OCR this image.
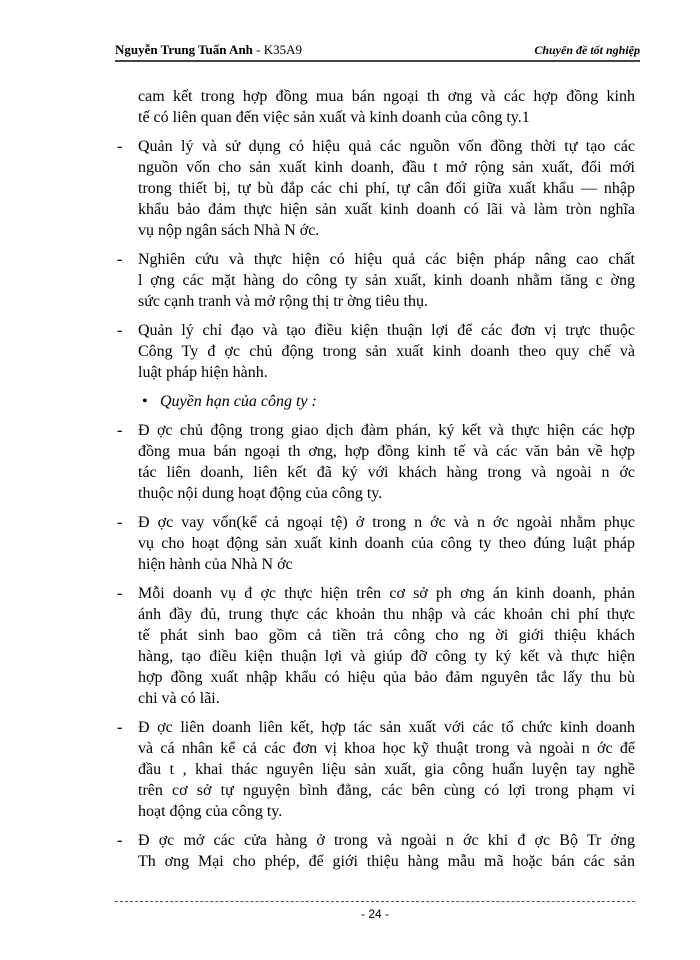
Nguyễn Trung Tuấn Anh - K35A9	Chuyên đề tốt nghiệp
cam kết trong hợp đồng mua bán ngoại th ơng và các hợp đồng kinh
tế có liên quan đến việc sản xuất và kinh doanh của công ty.1
- Quản lý và sử dụng có hiệu quả các nguồn vốn đồng thời tự tạo các
nguồn vốn cho sản xuất kinh doanh, đầu t mở rộng sản xuất, đổi mới
trong thiết bị, tự bù đắp các chi phí, tự cân đối giữa xuất khẩu — nhập
khẩu bảo đảm thực hiện sản xuất kinh doanh có lãi và làm tròn nghĩa
vụ nộp ngân sách Nhà N ớc.
- Nghiên cứu và thực hiện có hiệu quả các biện pháp nâng cao chất
l ợng các mặt hàng do công ty sản xuất, kinh doanh nhằm tăng c ờng
sức cạnh tranh và mở rộng thị tr ờng tiêu thụ.
- Quản lý chỉ đạo và tạo điều kiện thuận lợi để các đơn vị trực thuộc
Công Ty đ ợc chủ động trong sản xuất kinh doanh theo quy chế và
luật pháp hiện hành.
• Quyền hạn của công ty :
- Đ ợc chủ động trong giao dịch đàm phán, ký kết và thực hiện các hợp
đồng mua bán ngoại th ơng, hợp đồng kinh tế và các văn bản về hợp
tác liên doanh, liên kết đã ký với khách hàng trong và ngoài n ớc
thuộc nội dung hoạt động của công ty.
- Đ ợc vay vốn(kể cả ngoại tệ) ở trong n ớc và n ớc ngoài nhằm phục
vụ cho hoạt động sản xuất kinh doanh của công ty theo đúng luật pháp
hiện hành của Nhà N ớc
- Mỗi doanh vụ đ ợc thực hiện trên cơ sở ph ơng án kinh doanh, phản
ánh đầy đủ, trung thực các khoản thu nhập và các khoản chi phí thực
tế phát sinh bao gồm cả tiền trả công cho ng ời giới thiệu khách
hàng, tạo điều kiện thuận lợi và giúp đỡ công ty ký kết và thực hiện
hợp đồng xuất nhập khẩu có hiệu qủa bảo đảm nguyên tắc lấy thu bù
chi và có lãi.
- Đ ợc liên doanh liên kết, hợp tác sản xuất với các tổ chức kinh doanh
và cá nhân kể cả các đơn vị khoa học kỹ thuật trong và ngoài n ớc để
đầu t , khai thác nguyên liệu sản xuất, gia công huấn luyện tay nghề
trên cơ sở tự nguyện bình đẳng, các bên cùng có lợi trong phạm vi
hoạt động của công ty.
- Đ ợc mở các cửa hàng ở trong và ngoài n ớc khi đ ợc Bộ Tr ởng
Th ơng Mại cho phép, để giới thiệu hàng mẫu mã hoặc bán các sản
- 24 -
